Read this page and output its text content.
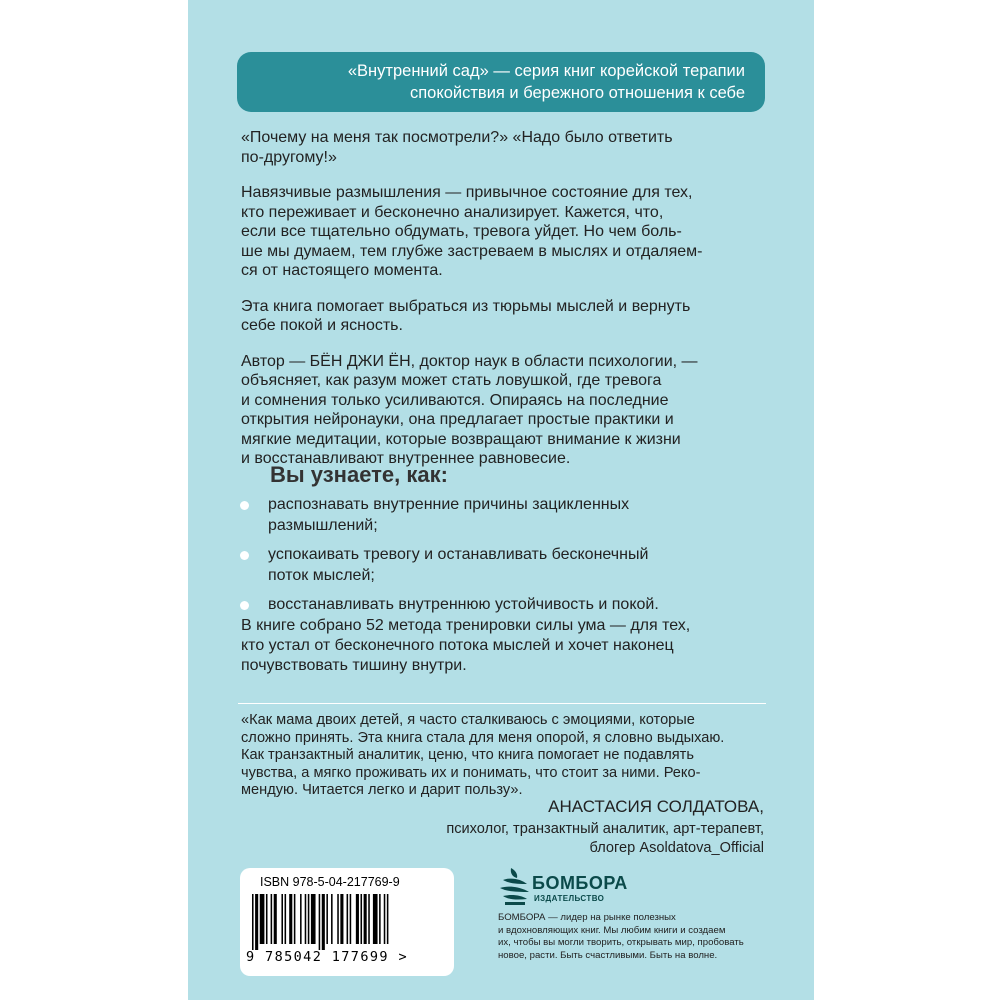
«Внутренний сад» — серия книг корейской терапии
спокойствия и бережного отношения к себе

«Почему на меня так посмотрели?» «Надо было ответить
по-другому!»

Навязчивые размышления — привычное состояние для тех,
кто переживает и бесконечно анализирует. Кажется, что,
если все тщательно обдумать, тревога уйдет. Но чем боль-
ше мы думаем, тем глубже застреваем в мыслях и отдаляем-
ся от настоящего момента.

Эта книга помогает выбраться из тюрьмы мыслей и вернуть
себе покой и ясность.

Автор — БЁН ДЖИ ЁН, доктор наук в области психологии, —
объясняет, как разум может стать ловушкой, где тревога
и сомнения только усиливаются. Опираясь на последние
открытия нейронауки, она предлагает простые практики и
мягкие медитации, которые возвращают внимание к жизни
и восстанавливают внутреннее равновесие.

Вы узнаете, как:
распознавать внутренние причины зацикленных
размышлений;
успокаивать тревогу и останавливать бесконечный
поток мыслей;
восстанавливать внутреннюю устойчивость и покой.
В книге собрано 52 метода тренировки силы ума — для тех,
кто устал от бесконечного потока мыслей и хочет наконец
почувствовать тишину внутри.
«Как мама двоих детей, я часто сталкиваюсь с эмоциями, которые
сложно принять. Эта книга стала для меня опорой, я словно выдыхаю.
Как транзактный аналитик, ценю, что книга помогает не подавлять
чувства, а мягко проживать их и понимать, что стоит за ними. Реко-
мендую. Читается легко и дарит пользу».
АНАСТАСИЯ СОЛДАТОВА,
психолог, транзактный аналитик, арт-терапевт,
блогер Asoldatova_Official
ISBN 978-5-04-217769-9
9 785042 177699 >
БОМБОРА
ИЗДАТЕЛЬСТВО
БОМБОРА — лидер на рынке полезных
и вдохновляющих книг. Мы любим книги и создаем
их, чтобы вы могли творить, открывать мир, пробовать
новое, расти. Быть счастливыми. Быть на волне.
